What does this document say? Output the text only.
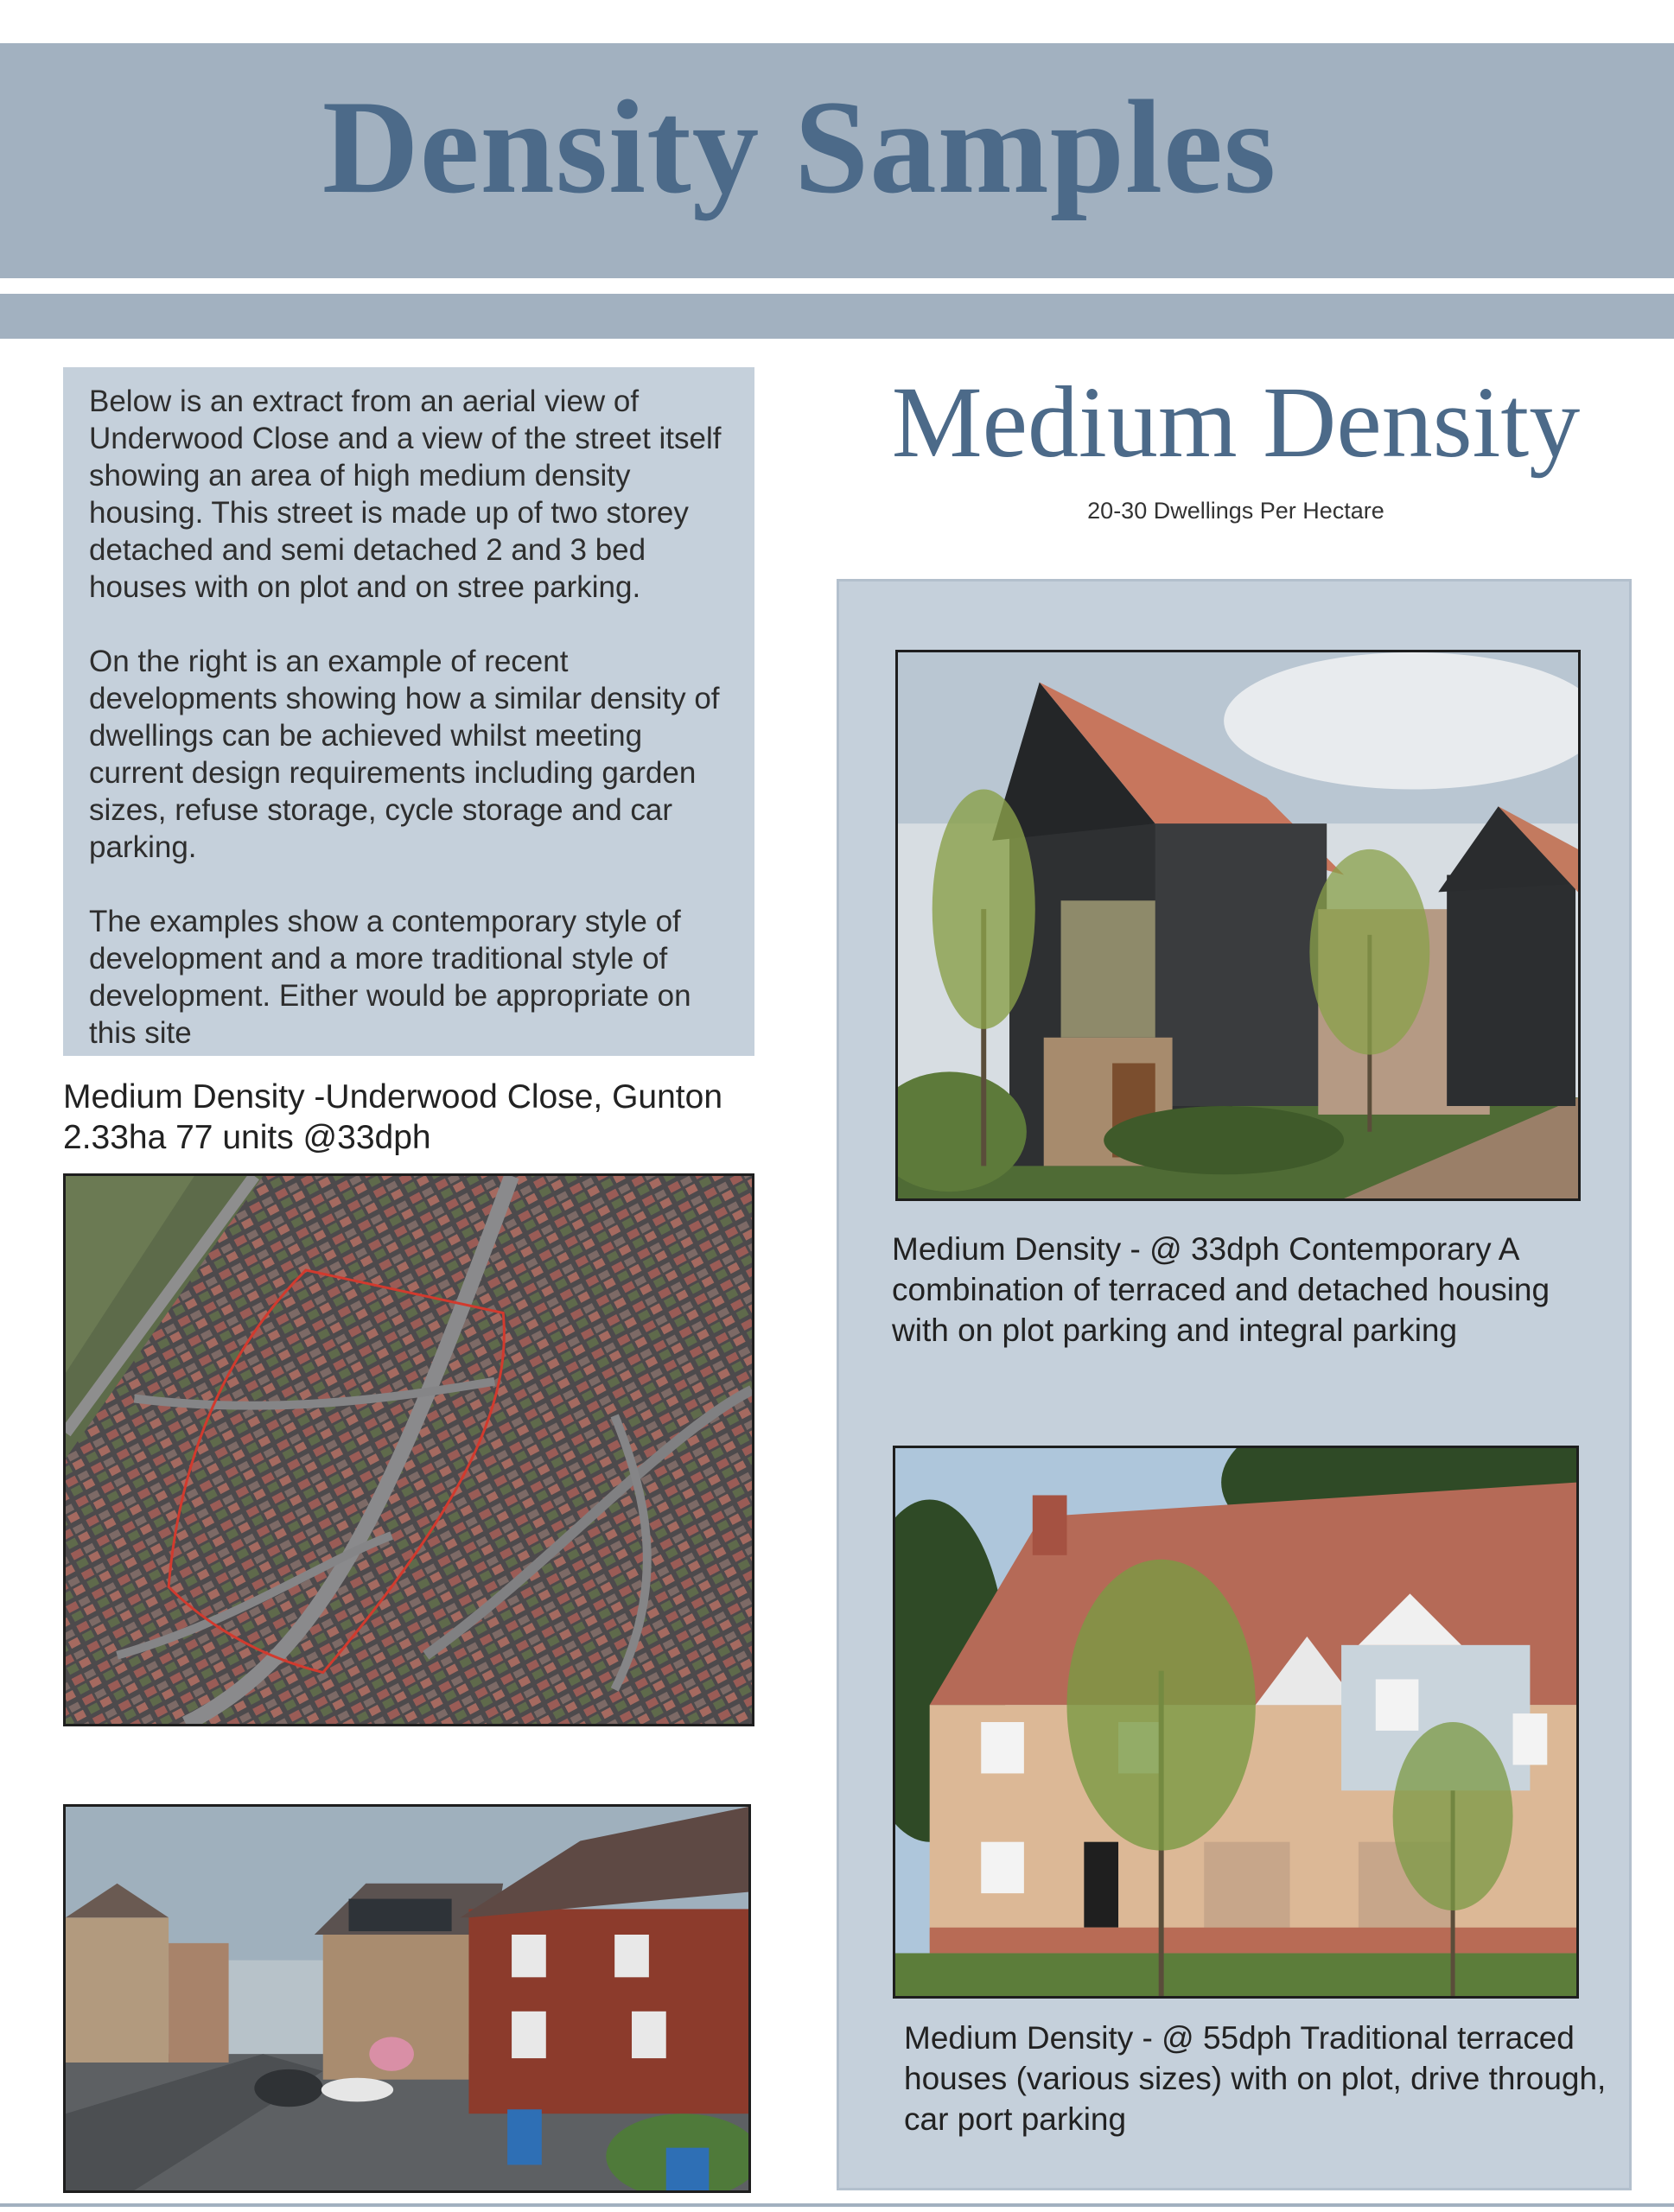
Density Samples

Below is an extract from an aerial view of Underwood Close and a view of the street itself showing an area of high medium density housing. This street is made up of two storey detached and semi detached 2 and 3 bed houses with on plot and on stree parking.

On the right is an example of recent developments showing how a similar density of dwellings can be achieved whilst meeting current design requirements including garden sizes, refuse storage, cycle storage and car parking.

The examples show a contemporary style of development and a more traditional style of development. Either would be appropriate on this site

Medium Density -Underwood Close, Gunton
2.33ha 77 units @33dph
Medium Density
20-30 Dwellings Per Hectare
Medium Density - @ 33dph Contemporary A combination of terraced and detached housing with on plot parking and integral parking
Medium Density - @ 55dph Traditional terraced houses (various sizes) with on plot, drive through, car port parking
